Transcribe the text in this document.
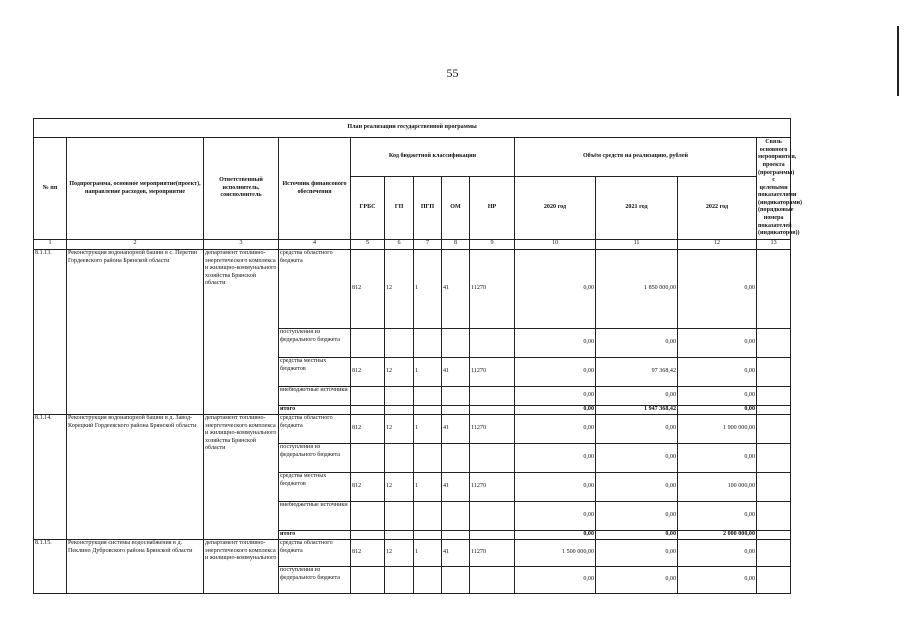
55
План реализации государственной программы												
№ пп	Подпрограмма, основное мероприятие(проект), направление расходов, мероприятие	Ответственный исполнитель, соисполнитель	Источник финансового обеспечения	Код бюджетной классификации					Объём средств на реализацию, рублей			Связь основного мероприятия, проекта (программы) с целевыми показателями (индикаторами) (порядковые номера показателей (индикаторов))
				ГРБС	ГП	ПГП	ОМ	НР	2020 год	2021 год	2022 год	
1	2	3	4	5	6	7	8	9	10	11	12	13
8.1.13.	Реконструкция водонапорной башни в с. Перетин Гордеевского района Брянской области	департамент топливно-энергетического комплекса и жилищно-коммунального хозяйства Брянской области	средства областного бюджета	812	12	1	41	11270	0,00	1 850 000,00	0,00	
			поступления из федерального бюджета						0,00	0,00	0,00	
			средства местных бюджетов	812	12	1	41	11270	0,00	97 368,42	0,00	
			внебюджетные источники						0,00	0,00	0,00	
			итого						0,00	1 947 368,42	0,00	
8.1.14.	Реконструкция водонапорной башни в д. Завод-Корецкий Гордеевского района Брянской области	департамент топливно-энергетического комплекса и жилищно-коммунального хозяйства Брянской области	средства областного бюджета	812	12	1	41	11270	0,00	0,00	1 900 000,00	
			поступления из федерального бюджета						0,00	0,00	0,00	
			средства местных бюджетов	812	12	1	41	11270	0,00	0,00	100 000,00	
			внебюджетные источники						0,00	0,00	0,00	
			итого						0,00	0,00	2 000 000,00	
8.1.15.	Реконструкция системы водоснабжения в д. Пеклино Дубровского района Брянской области	департамент топливно-энергетического комплекса и жилищно-коммунального	средства областного бюджета	812	12	1	41	11270	1 500 000,00	0,00	0,00	
			поступления из федерального бюджета						0,00	0,00	0,00	
